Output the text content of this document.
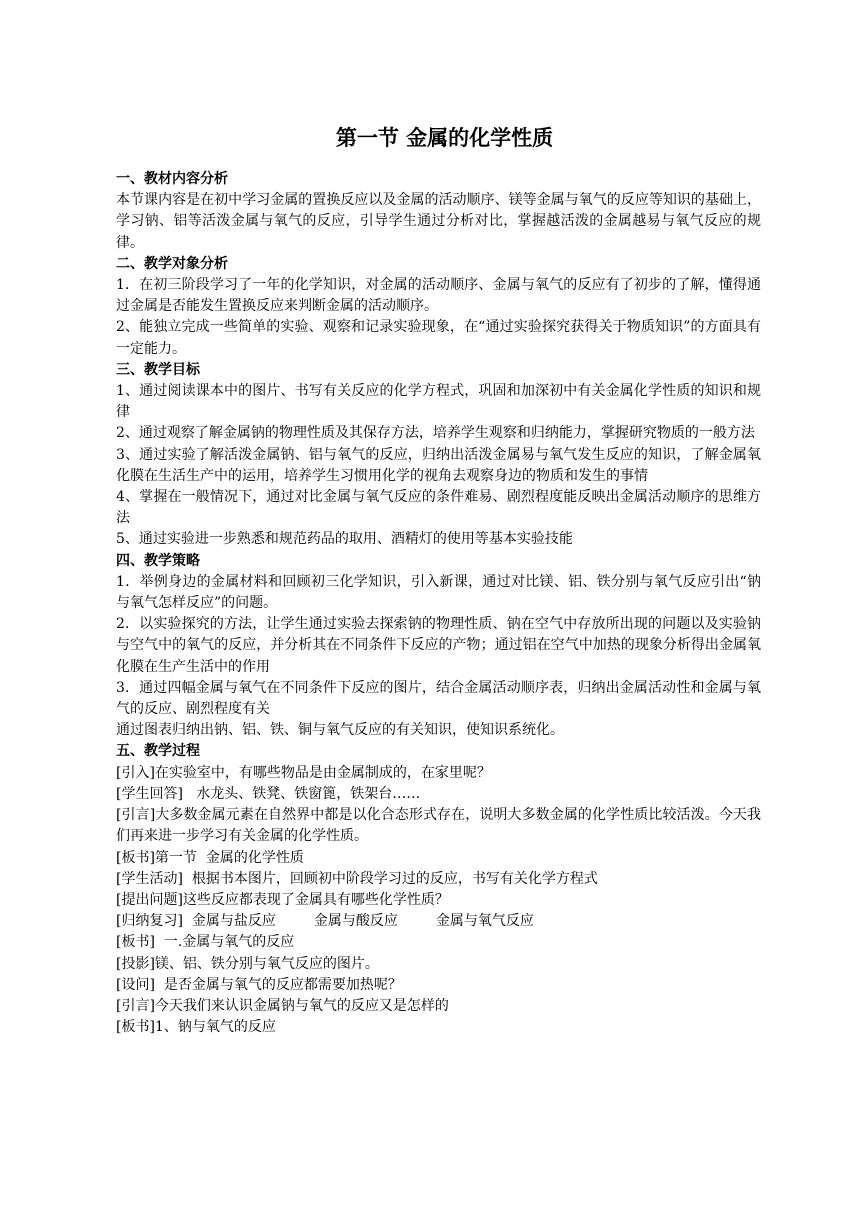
第一节 金属的化学性质

一、教材内容分析

本节课内容是在初中学习金属的置换反应以及金属的活动顺序、镁等金属与氧气的反应等知识的基础上，学习钠、铝等活泼金属与氧气的反应，引导学生通过分析对比，掌握越活泼的金属越易与氧气反应的规律。

二、教学对象分析

1．在初三阶段学习了一年的化学知识，对金属的活动顺序、金属与氧气的反应有了初步的了解，懂得通过金属是否能发生置换反应来判断金属的活动顺序。

2、能独立完成一些简单的实验、观察和记录实验现象，在“通过实验探究获得关于物质知识”的方面具有一定能力。

三、教学目标

1、通过阅读课本中的图片、书写有关反应的化学方程式，巩固和加深初中有关金属化学性质的知识和规律

2、通过观察了解金属钠的物理性质及其保存方法，培养学生观察和归纳能力，掌握研究物质的一般方法

3、通过实验了解活泼金属钠、铝与氧气的反应，归纳出活泼金属易与氧气发生反应的知识，了解金属氧化膜在生活生产中的运用，培养学生习惯用化学的视角去观察身边的物质和发生的事情

4、掌握在一般情况下，通过对比金属与氧气反应的条件难易、剧烈程度能反映出金属活动顺序的思维方法

5、通过实验进一步熟悉和规范药品的取用、酒精灯的使用等基本实验技能

四、教学策略

1．举例身边的金属材料和回顾初三化学知识，引入新课，通过对比镁、铝、铁分别与氧气反应引出“钠与氧气怎样反应”的问题。

2．以实验探究的方法，让学生通过实验去探索钠的物理性质、钠在空气中存放所出现的问题以及实验钠与空气中的氧气的反应，并分析其在不同条件下反应的产物；通过铝在空气中加热的现象分析得出金属氧化膜在生产生活中的作用

3．通过四幅金属与氧气在不同条件下反应的图片，结合金属活动顺序表，归纳出金属活动性和金属与氧气的反应、剧烈程度有关

通过图表归纳出钠、铝、铁、铜与氧气反应的有关知识，使知识系统化。

五、教学过程

[引入]在实验室中，有哪些物品是由金属制成的，在家里呢？

[学生回答]   水龙头、铁凳、铁窗篦，铁架台……

[引言]大多数金属元素在自然界中都是以化合态形式存在，说明大多数金属的化学性质比较活泼。今天我们再来进一步学习有关金属的化学性质。

[板书]第一节  金属的化学性质

[学生活动]  根据书本图片，回顾初中阶段学习过的反应，书写有关化学方程式

[提出问题]这些反应都表现了金属具有哪些化学性质？

[归纳复习]  金属与盐反应	金属与酸反应	金属与氧气反应

[板书]  一.金属与氧气的反应

[投影]镁、铝、铁分别与氧气反应的图片。

[设问]  是否金属与氧气的反应都需要加热呢？

[引言]今天我们来认识金属钠与氧气的反应又是怎样的

[板书]1、钠与氧气的反应
